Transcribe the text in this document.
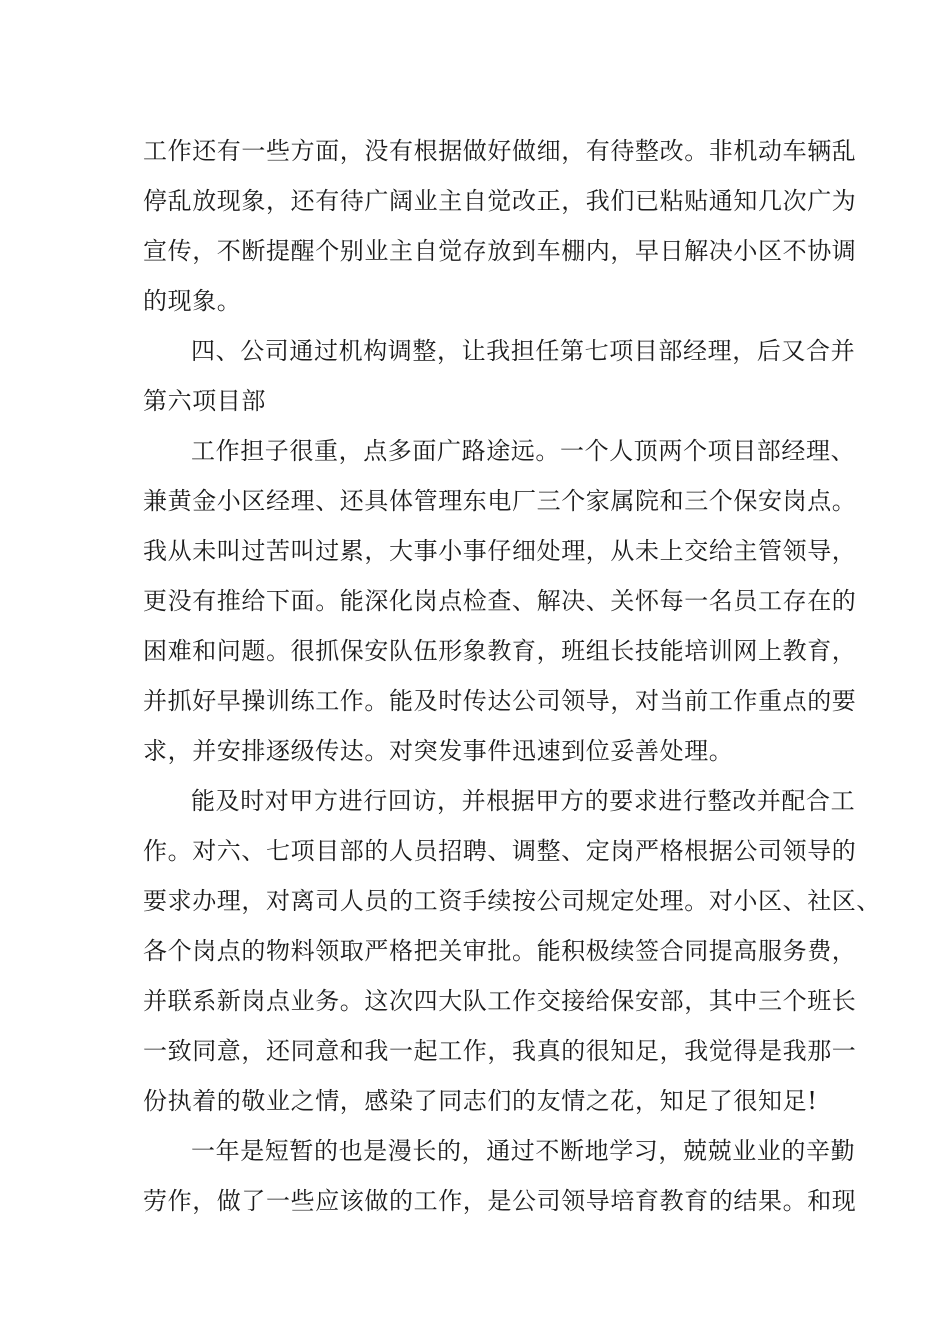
工作还有一些方面，没有根据做好做细，有待整改。非机动车辆乱
停乱放现象，还有待广阔业主自觉改正，我们已粘贴通知几次广为
宣传，不断提醒个别业主自觉存放到车棚内，早日解决小区不协调
的现象。
四、公司通过机构调整，让我担任第七项目部经理，后又合并
第六项目部
工作担子很重，点多面广路途远。一个人顶两个项目部经理、
兼黄金小区经理、还具体管理东电厂三个家属院和三个保安岗点。
我从未叫过苦叫过累，大事小事仔细处理，从未上交给主管领导，
更没有推给下面。能深化岗点检查、解决、关怀每一名员工存在的
困难和问题。很抓保安队伍形象教育，班组长技能培训网上教育，
并抓好早操训练工作。能及时传达公司领导，对当前工作重点的要
求，并安排逐级传达。对突发事件迅速到位妥善处理。
能及时对甲方进行回访，并根据甲方的要求进行整改并配合工
作。对六、七项目部的人员招聘、调整、定岗严格根据公司领导的
要求办理，对离司人员的工资手续按公司规定处理。对小区、社区、
各个岗点的物料领取严格把关审批。能积极续签合同提高服务费，
并联系新岗点业务。这次四大队工作交接给保安部，其中三个班长
一致同意，还同意和我一起工作，我真的很知足，我觉得是我那一
份执着的敬业之情，感染了同志们的友情之花，知足了很知足!
一年是短暂的也是漫长的，通过不断地学习，兢兢业业的辛勤
劳作，做了一些应该做的工作，是公司领导培育教育的结果。和现
